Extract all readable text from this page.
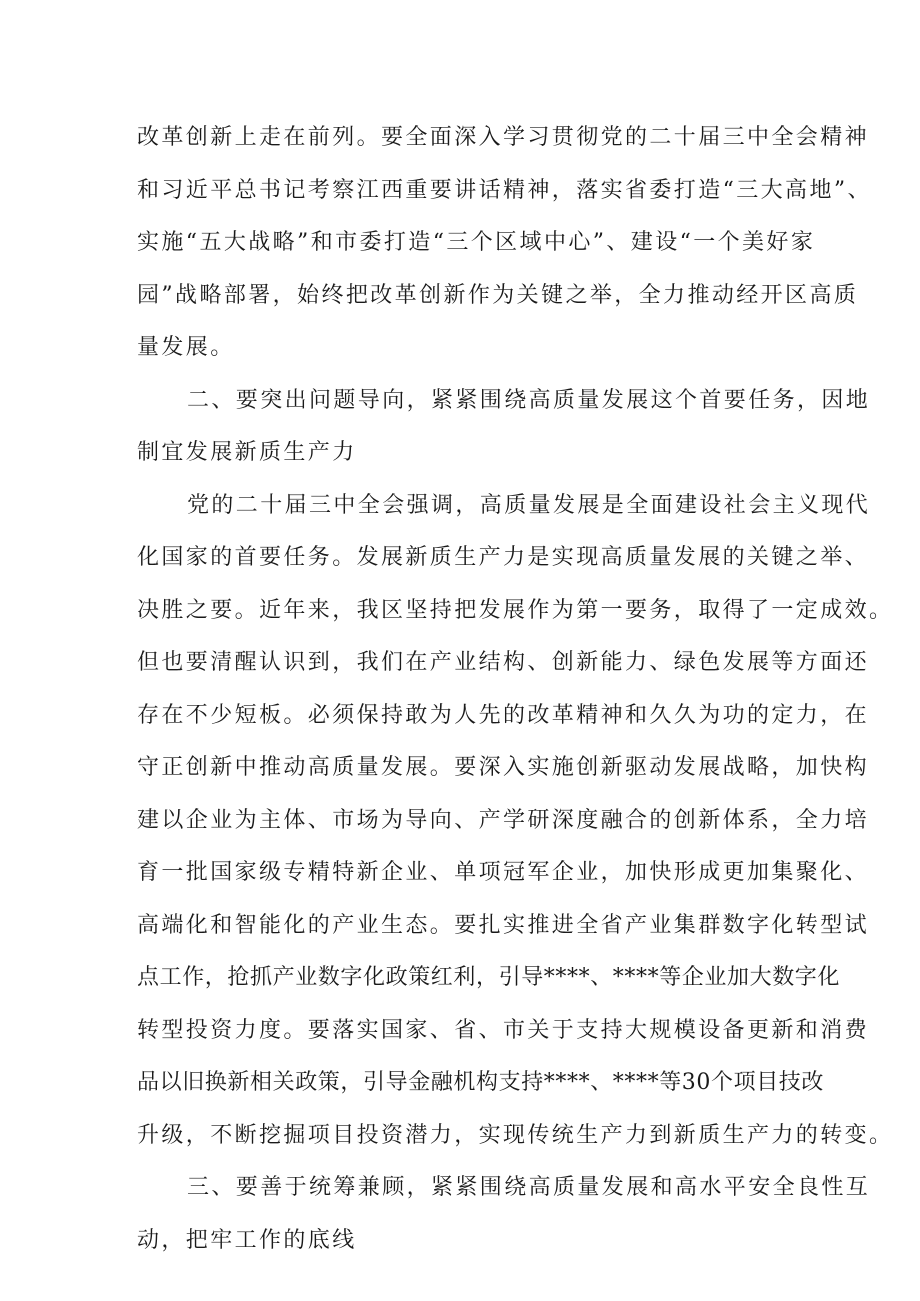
改革创新上走在前列。要全面深入学习贯彻党的二十届三中全会精神
和习近平总书记考察江西重要讲话精神，落实省委打造“三大高地”、
实施“五大战略”和市委打造“三个区域中心”、建设“一个美好家
园”战略部署，始终把改革创新作为关键之举，全力推动经开区高质
量发展。
二、要突出问题导向，紧紧围绕高质量发展这个首要任务，因地
制宜发展新质生产力
党的二十届三中全会强调，高质量发展是全面建设社会主义现代
化国家的首要任务。发展新质生产力是实现高质量发展的关键之举、
决胜之要。近年来，我区坚持把发展作为第一要务，取得了一定成效。
但也要清醒认识到，我们在产业结构、创新能力、绿色发展等方面还
存在不少短板。必须保持敢为人先的改革精神和久久为功的定力，在
守正创新中推动高质量发展。要深入实施创新驱动发展战略，加快构
建以企业为主体、市场为导向、产学研深度融合的创新体系，全力培
育一批国家级专精特新企业、单项冠军企业，加快形成更加集聚化、
高端化和智能化的产业生态。要扎实推进全省产业集群数字化转型试
点工作，抢抓产业数字化政策红利，引导****、****等企业加大数字化
转型投资力度。要落实国家、省、市关于支持大规模设备更新和消费
品以旧换新相关政策，引导金融机构支持****、****等30个项目技改
升级，不断挖掘项目投资潜力，实现传统生产力到新质生产力的转变。
三、要善于统筹兼顾，紧紧围绕高质量发展和高水平安全良性互
动，把牢工作的底线
